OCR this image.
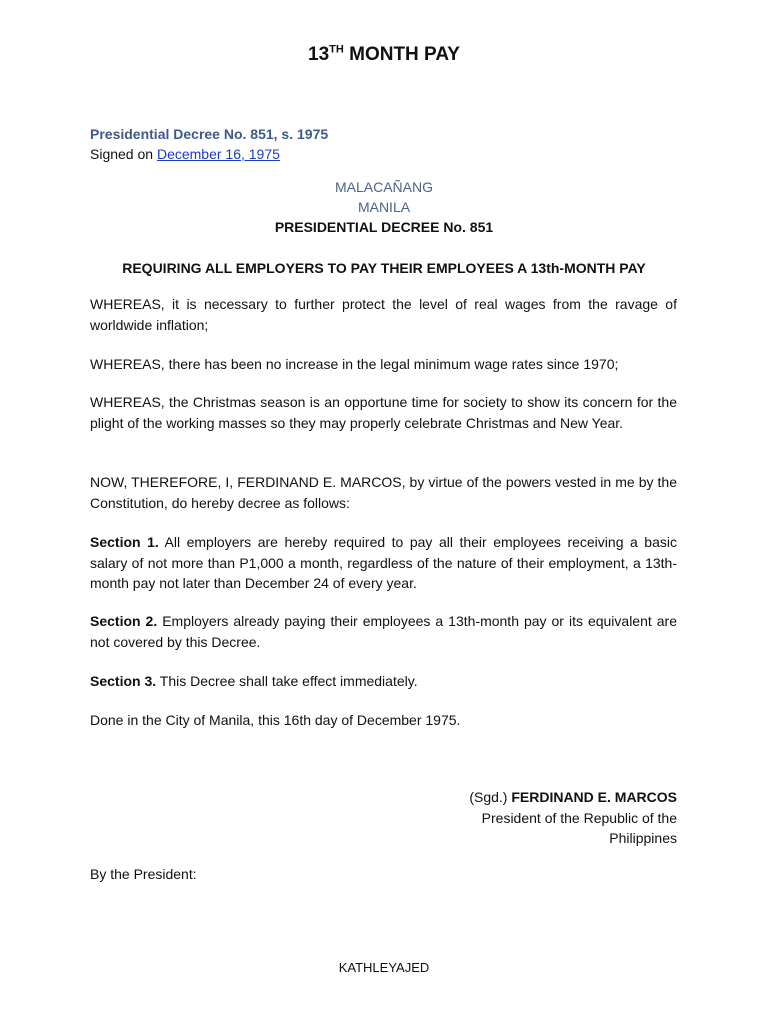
13TH MONTH PAY
Presidential Decree No. 851, s. 1975
Signed on December 16, 1975
MALACAÑANG
MANILA
PRESIDENTIAL DECREE No. 851
REQUIRING ALL EMPLOYERS TO PAY THEIR EMPLOYEES A 13th-MONTH PAY
WHEREAS, it is necessary to further protect the level of real wages from the ravage of worldwide inflation;
WHEREAS, there has been no increase in the legal minimum wage rates since 1970;
WHEREAS, the Christmas season is an opportune time for society to show its concern for the plight of the working masses so they may properly celebrate Christmas and New Year.
NOW, THEREFORE, I, FERDINAND E. MARCOS, by virtue of the powers vested in me by the Constitution, do hereby decree as follows:
Section 1. All employers are hereby required to pay all their employees receiving a basic salary of not more than P1,000 a month, regardless of the nature of their employment, a 13th-month pay not later than December 24 of every year.
Section 2. Employers already paying their employees a 13th-month pay or its equivalent are not covered by this Decree.
Section 3. This Decree shall take effect immediately.
Done in the City of Manila, this 16th day of December 1975.
(Sgd.) FERDINAND E. MARCOS
President of the Republic of the
Philippines
By the President:
KATHLEYAJED
